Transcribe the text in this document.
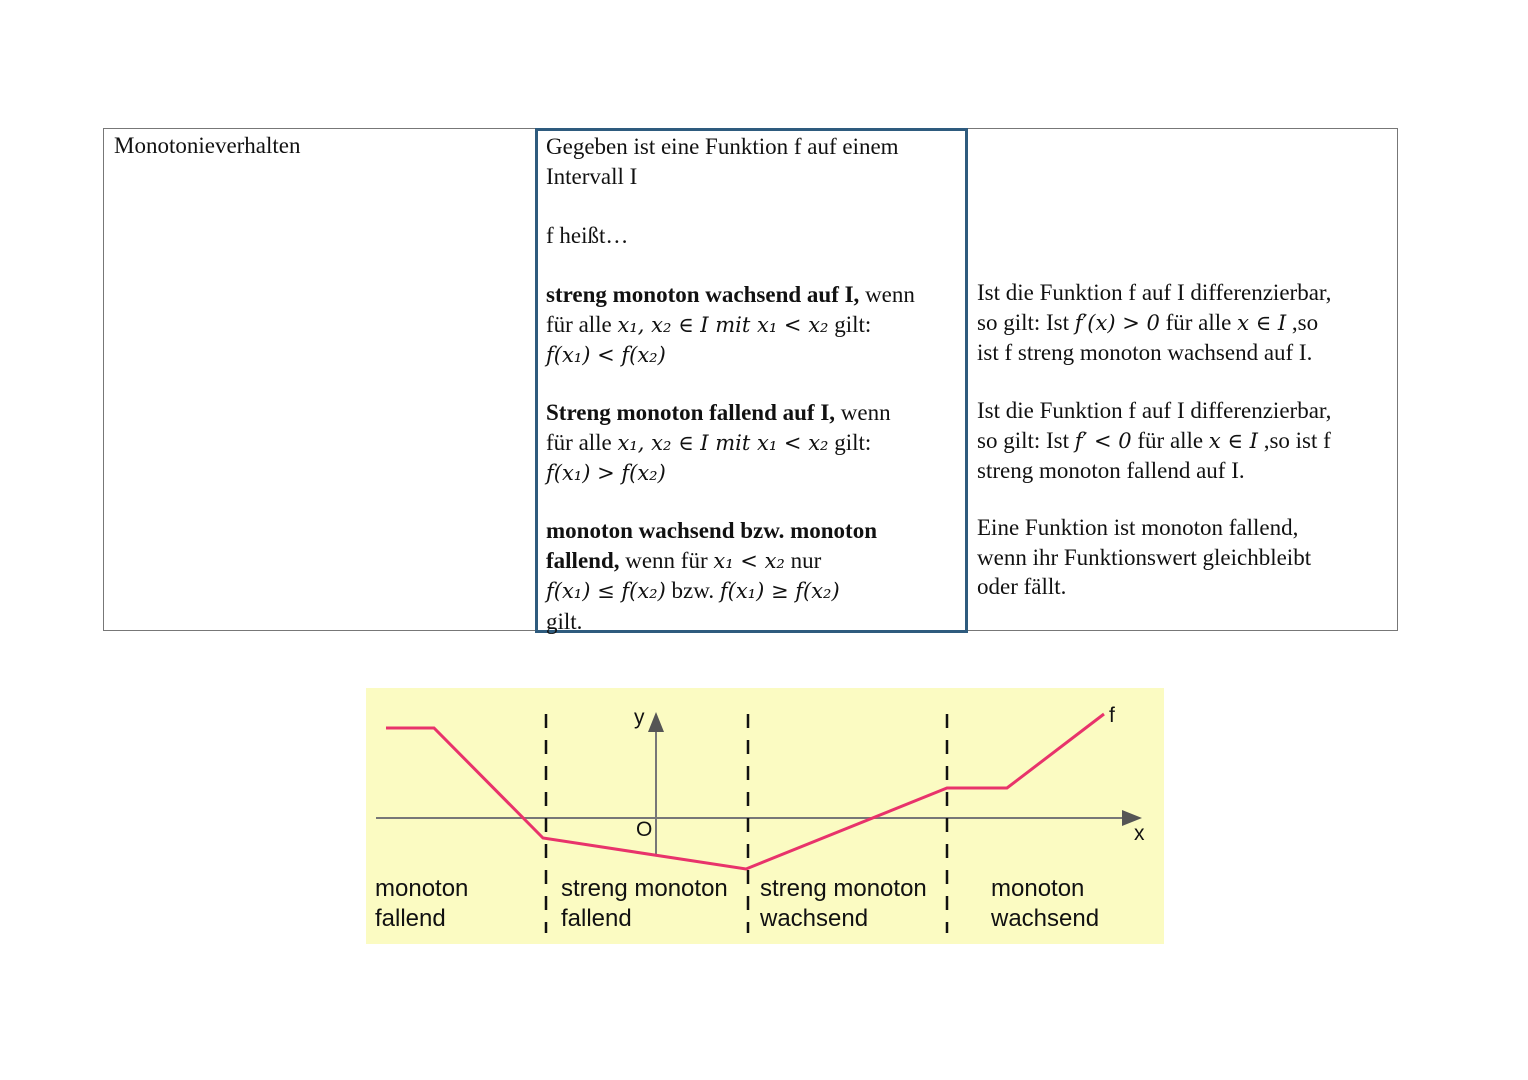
Monotonieverhalten	Gegeben ist eine Funktion f auf einem
Intervall I
f heißt…
streng monoton wachsend auf I, wenn
für alle x₁, x₂ ∈ I mit x₁ < x₂ gilt:
f(x₁) < f(x₂)
Streng monoton fallend auf I, wenn
für alle x₁, x₂ ∈ I mit x₁ < x₂ gilt:
f(x₁) > f(x₂)
monoton wachsend bzw. monoton
fallend, wenn für x₁ < x₂ nur
f(x₁) ≤ f(x₂) bzw. f(x₁) ≥ f(x₂)
gilt.
Ist die Funktion f auf I differenzierbar,
so gilt: Ist f′(x) > 0 für alle x ∈ I ,so
ist f streng monoton wachsend auf I.
Ist die Funktion f auf I differenzierbar,
so gilt: Ist f′ < 0 für alle x ∈ I ,so ist f
streng monoton fallend auf I.
Eine Funktion ist monoton fallend,
wenn ihr Funktionswert gleichbleibt
oder fällt.
y
x
O
f
monoton
fallend
streng monoton
fallend
streng monoton
wachsend
monoton
wachsend
